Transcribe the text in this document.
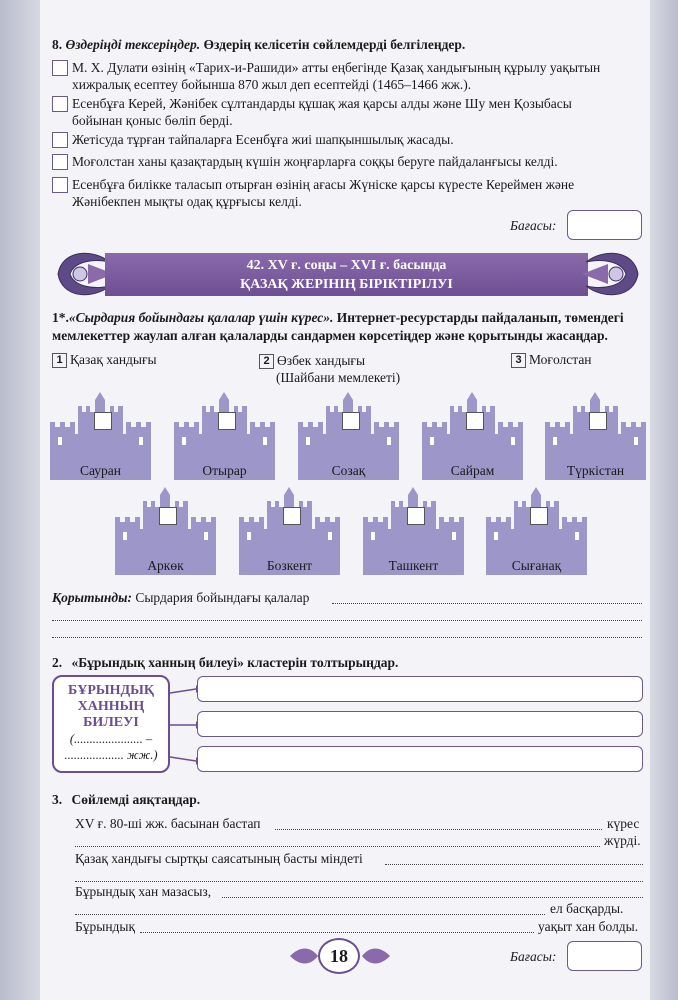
8. Өздеріңді тексеріңдер. Өздерің келісетін сөйлемдерді белгілеңдер.
М. Х. Дулати өзінің «Тарих-и-Рашиди» атты еңбегінде Қазақ хандығының құрылу уақытын
хижралық есептеу бойынша 870 жыл деп есептейді (1465–1466 жж.).
Есенбұға Керей, Жәнібек сұлтандарды құшақ жая қарсы алды және Шу мен Қозыбасы
бойынан қоныс бөліп берді.
Жетісуда тұрған тайпаларға Есенбұға жиі шапқыншылық жасады.
Моғолстан ханы қазақтардың күшін жоңғарларға соққы беруге пайдаланғысы келді.
Есенбұға билікке таласып отырған өзінің ағасы Жүніске қарсы күресте Кереймен және
Жәнібекпен мықты одақ құрғысы келді.
Бағасы:
42. XV ғ. соңы – XVI ғ. басында
ҚАЗАҚ ЖЕРІНІҢ БІРІКТІРІЛУІ
1*.«Сырдария бойындағы қалалар үшін күрес». Интернет-ресурстарды пайдаланып, төмендегі
мемлекеттер жаулап алған қалаларды сандармен көрсетіңдер және қорытынды жасаңдар.
1 Қазақ хандығы	2 Өзбек хандығы
(Шайбани мемлекеті)
3 Моғолстан
Сауран	Отырар	Созақ	Сайрам	Түркістан
Аркөк	Бозкент	Ташкент	Сығанақ
Қорытынды: Сырдария бойындағы қалалар
2. «Бұрындық ханның билеуі» кластерін толтырыңдар.
БҰРЫНДЫҚ
ХАННЫҢ
БИЛЕУІ
(...................... –
................... жж.)
3. Сөйлемді аяқтаңдар.
XV ғ. 80-ші жж. басынан бастап	күрес
жүрді.
Қазақ хандығы сыртқы саясатының басты міндеті
Бұрындық хан мазасыз,
ел басқарды.
Бұрындық	уақыт хан болды.
Бағасы:
18
